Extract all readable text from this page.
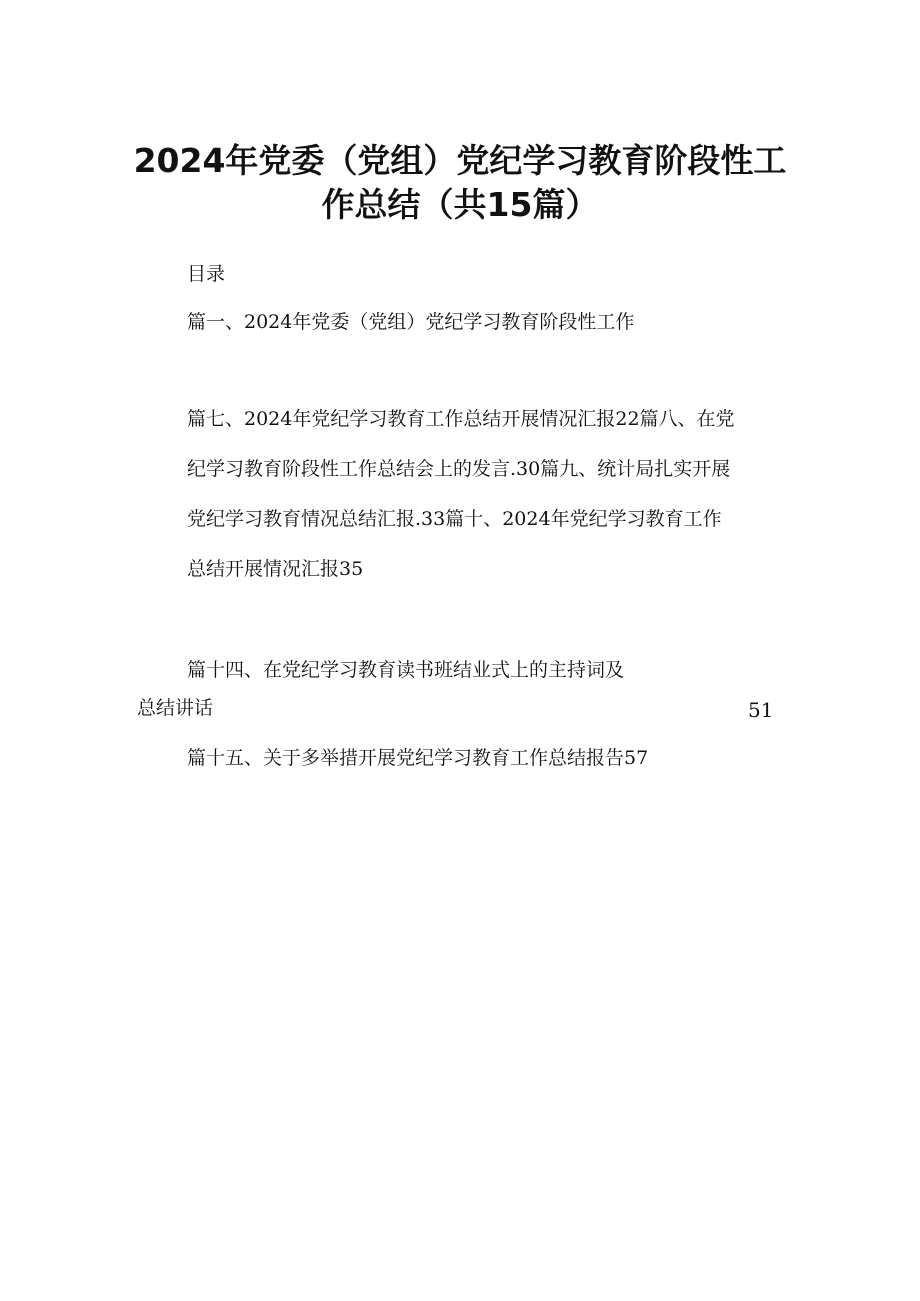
2024年党委（党组）党纪学习教育阶段性工
作总结（共15篇）
目录
篇一、2024年党委（党组）党纪学习教育阶段性工作
篇七、2024年党纪学习教育工作总结开展情况汇报22篇八、在党
纪学习教育阶段性工作总结会上的发言.30篇九、统计局扎实开展
党纪学习教育情况总结汇报.33篇十、2024年党纪学习教育工作
总结开展情况汇报35
篇十四、在党纪学习教育读书班结业式上的主持词及
总结讲话	51
篇十五、关于多举措开展党纪学习教育工作总结报告57
